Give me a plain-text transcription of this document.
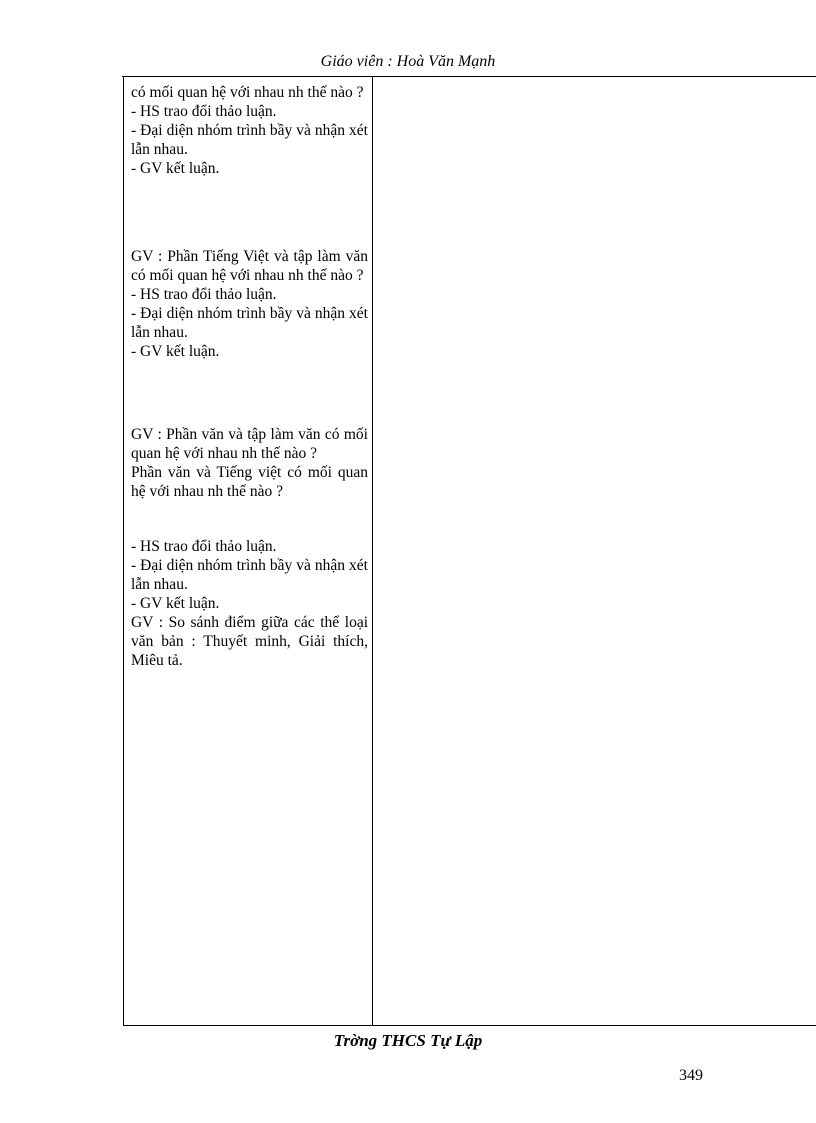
Giáo viên : Hoà Văn Mạnh
có mối quan hệ với nhau nh thế nào ?
- HS trao đổi thảo luận.
- Đại diện nhóm trình bầy và nhận xét lẫn nhau.
- GV kết luận.
GV : Phần Tiếng Việt và tập làm văn có mối quan hệ với nhau nh thế nào ?
- HS trao đổi thảo luận.
- Đại diện nhóm trình bầy và nhận xét lẫn nhau.
- GV kết luận.
GV : Phần văn và tập làm văn có mối quan hệ với nhau nh thế nào ?
Phần văn và Tiếng việt có mối quan hệ với nhau nh thế nào ?
- HS trao đổi thảo luận.
- Đại diện nhóm trình bầy và nhận xét lẫn nhau.
- GV kết luận.
GV : So sánh điểm giữa các thể loại văn bản : Thuyết minh, Giải thích, Miêu tả.
Trờng THCS Tự Lập
349
